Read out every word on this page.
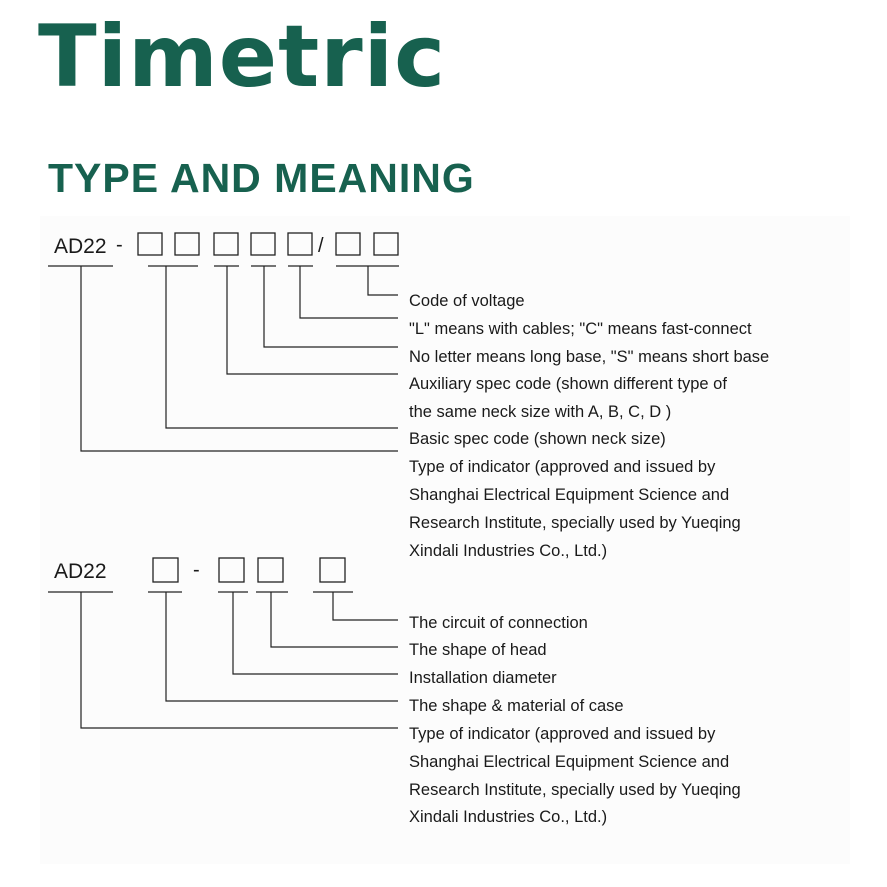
Timetric
TYPE AND MEANING
AD22 -	/
Code of voltage
"L" means with cables; "C" means fast-connect
No letter means long base, "S" means short base
Auxiliary spec code (shown different type of
the same neck size with A, B, C, D )
Basic spec code (shown neck size)
Type of indicator (approved and issued by
Shanghai Electrical Equipment Science and
Research Institute, specially used by Yueqing
Xindali Industries Co., Ltd.)
AD22	-
The circuit of connection
The shape of head
Installation diameter
The shape & material of case
Type of indicator (approved and issued by
Shanghai Electrical Equipment Science and
Research Institute, specially used by Yueqing
Xindali Industries Co., Ltd.)
